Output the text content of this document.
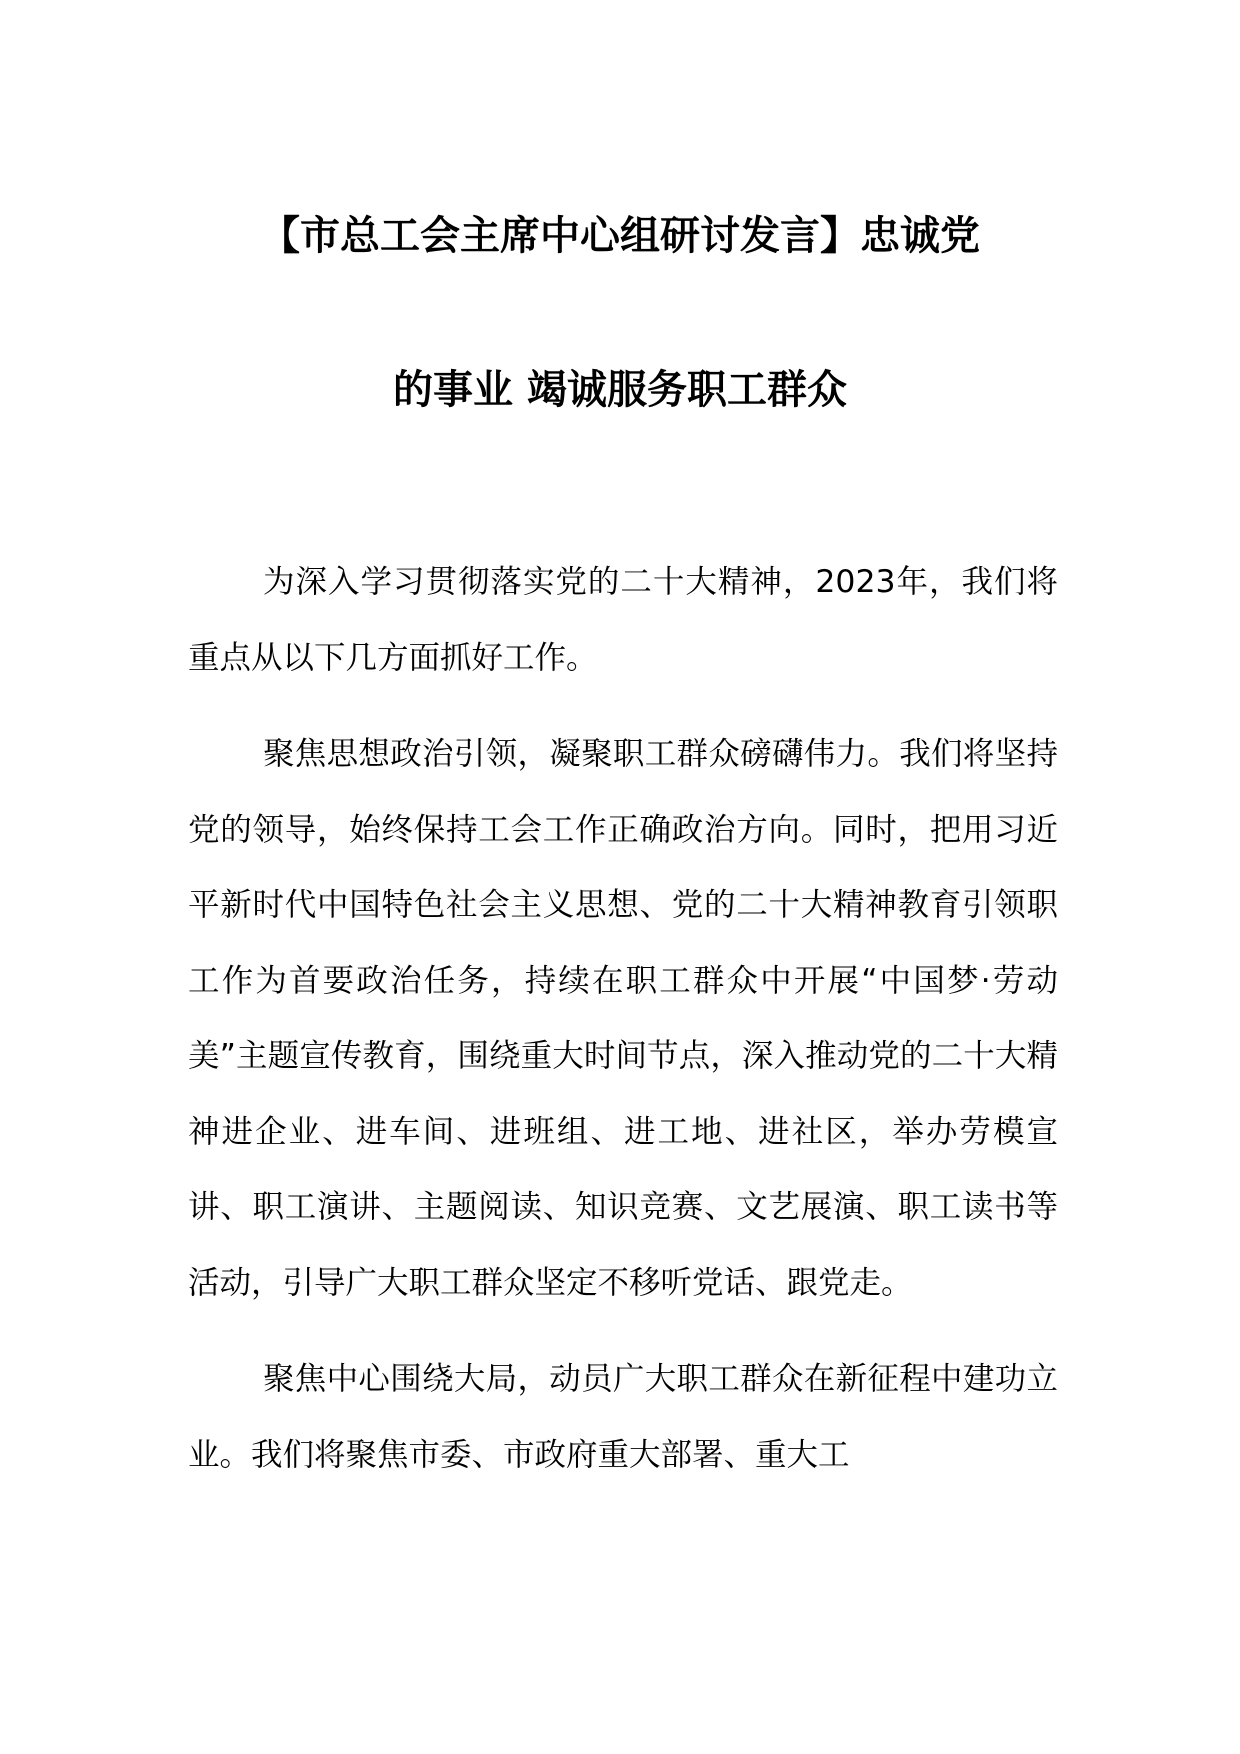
【市总工会主席中心组研讨发言】忠诚党
的事业 竭诚服务职工群众

为深入学习贯彻落实党的二十大精神，2023年，我们将重点从以下几方面抓好工作。

聚焦思想政治引领，凝聚职工群众磅礴伟力。我们将坚持党的领导，始终保持工会工作正确政治方向。同时，把用习近平新时代中国特色社会主义思想、党的二十大精神教育引领职工作为首要政治任务，持续在职工群众中开展“中国梦·劳动美”主题宣传教育，围绕重大时间节点，深入推动党的二十大精神进企业、进车间、进班组、进工地、进社区，举办劳模宣讲、职工演讲、主题阅读、知识竞赛、文艺展演、职工读书等活动，引导广大职工群众坚定不移听党话、跟党走。

聚焦中心围绕大局，动员广大职工群众在新征程中建功立业。我们将聚焦市委、市政府重大部署、重大工
